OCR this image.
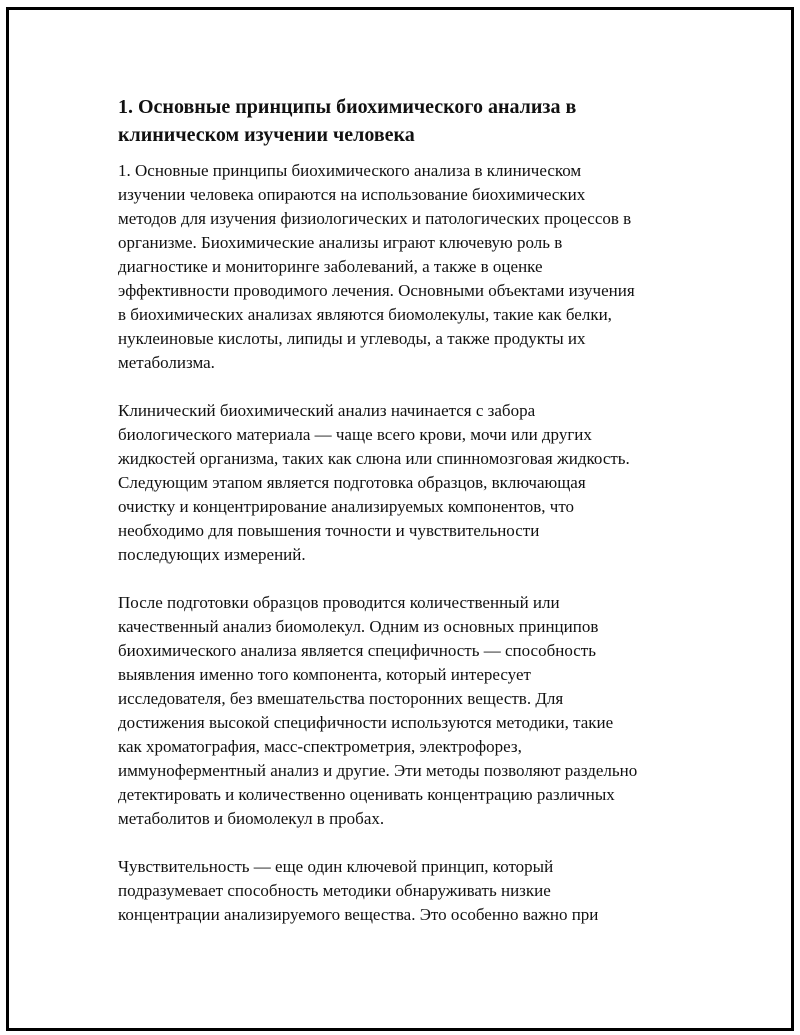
1. Основные принципы биохимического анализа в
клиническом изучении человека

1. Основные принципы биохимического анализа в клиническом
изучении человека опираются на использование биохимических
методов для изучения физиологических и патологических процессов в
организме. Биохимические анализы играют ключевую роль в
диагностике и мониторинге заболеваний, а также в оценке
эффективности проводимого лечения. Основными объектами изучения
в биохимических анализах являются биомолекулы, такие как белки,
нуклеиновые кислоты, липиды и углеводы, а также продукты их
метаболизма.

Клинический биохимический анализ начинается с забора
биологического материала — чаще всего крови, мочи или других
жидкостей организма, таких как слюна или спинномозговая жидкость.
Следующим этапом является подготовка образцов, включающая
очистку и концентрирование анализируемых компонентов, что
необходимо для повышения точности и чувствительности
последующих измерений.

После подготовки образцов проводится количественный или
качественный анализ биомолекул. Одним из основных принципов
биохимического анализа является специфичность — способность
выявления именно того компонента, который интересует
исследователя, без вмешательства посторонних веществ. Для
достижения высокой специфичности используются методики, такие
как хроматография, масс-спектрометрия, электрофорез,
иммуноферментный анализ и другие. Эти методы позволяют раздельно
детектировать и количественно оценивать концентрацию различных
метаболитов и биомолекул в пробах.

Чувствительность — еще один ключевой принцип, который
подразумевает способность методики обнаруживать низкие
концентрации анализируемого вещества. Это особенно важно при
